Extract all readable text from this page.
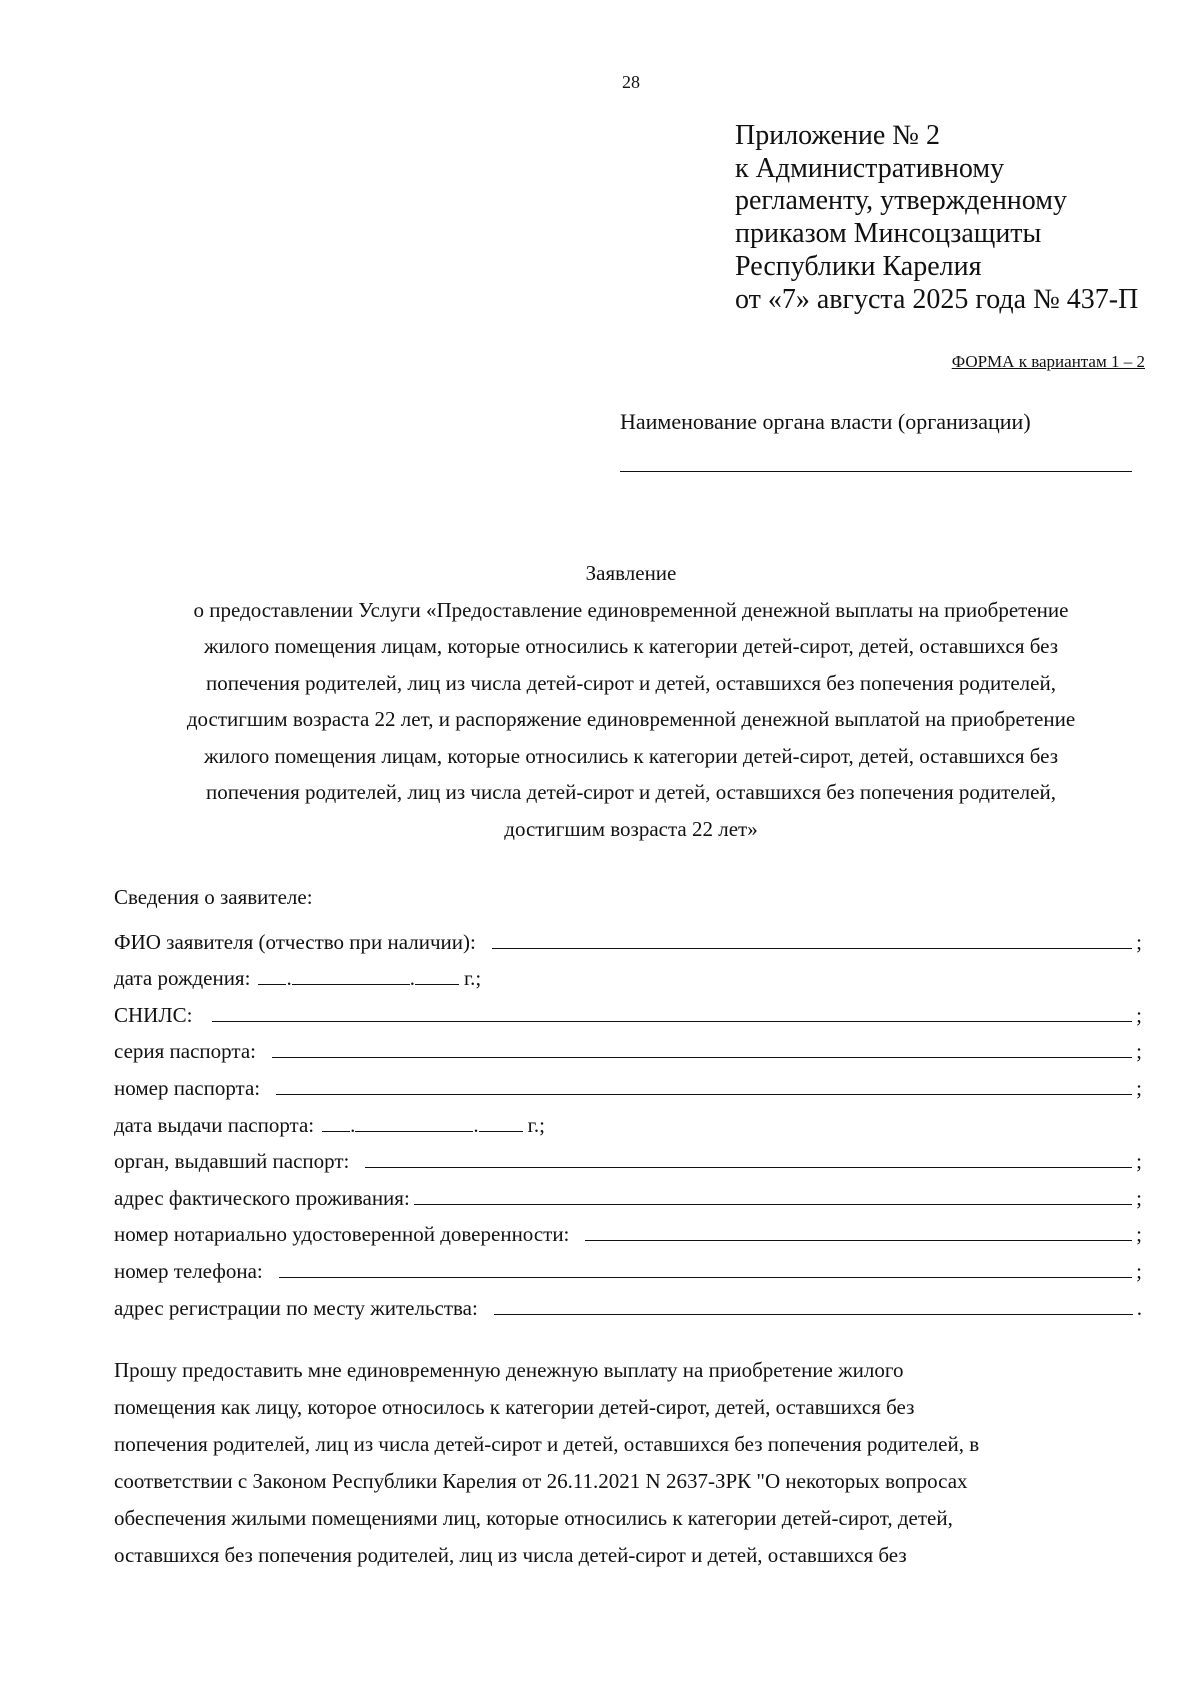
28
Приложение № 2
к Административному
регламенту, утвержденному
приказом Минсоцзащиты
Республики Карелия
от «7» августа 2025 года № 437-П
ФОРМА к вариантам 1 – 2
Наименование органа власти (организации)
Заявление
о предоставлении Услуги «Предоставление единовременной денежной выплаты на приобретение
жилого помещения лицам, которые относились к категории детей-сирот, детей, оставшихся без
попечения родителей, лиц из числа детей-сирот и детей, оставшихся без попечения родителей,
достигшим возраста 22 лет, и распоряжение единовременной денежной выплатой на приобретение
жилого помещения лицам, которые относились к категории детей-сирот, детей, оставшихся без
попечения родителей, лиц из числа детей-сирот и детей, оставшихся без попечения родителей,
достигшим возраста 22 лет»
Сведения о заявителе:
ФИО заявителя (отчество при наличии):	;
дата рождения: .	. г.;
СНИЛС:	;
серия паспорта:	;
номер паспорта:	;
дата выдачи паспорта: .	. г.;
орган, выдавший паспорт:	;
адрес фактического проживания:	;
номер нотариально удостоверенной доверенности:	;
номер телефона:	;
адрес регистрации по месту жительства:	.
Прошу предоставить мне единовременную денежную выплату на приобретение жилого
помещения как лицу, которое относилось к категории детей-сирот, детей, оставшихся без
попечения родителей, лиц из числа детей-сирот и детей, оставшихся без попечения родителей, в
соответствии с Законом Республики Карелия от 26.11.2021 N 2637-ЗРК "О некоторых вопросах
обеспечения жилыми помещениями лиц, которые относились к категории детей-сирот, детей,
оставшихся без попечения родителей, лиц из числа детей-сирот и детей, оставшихся без
